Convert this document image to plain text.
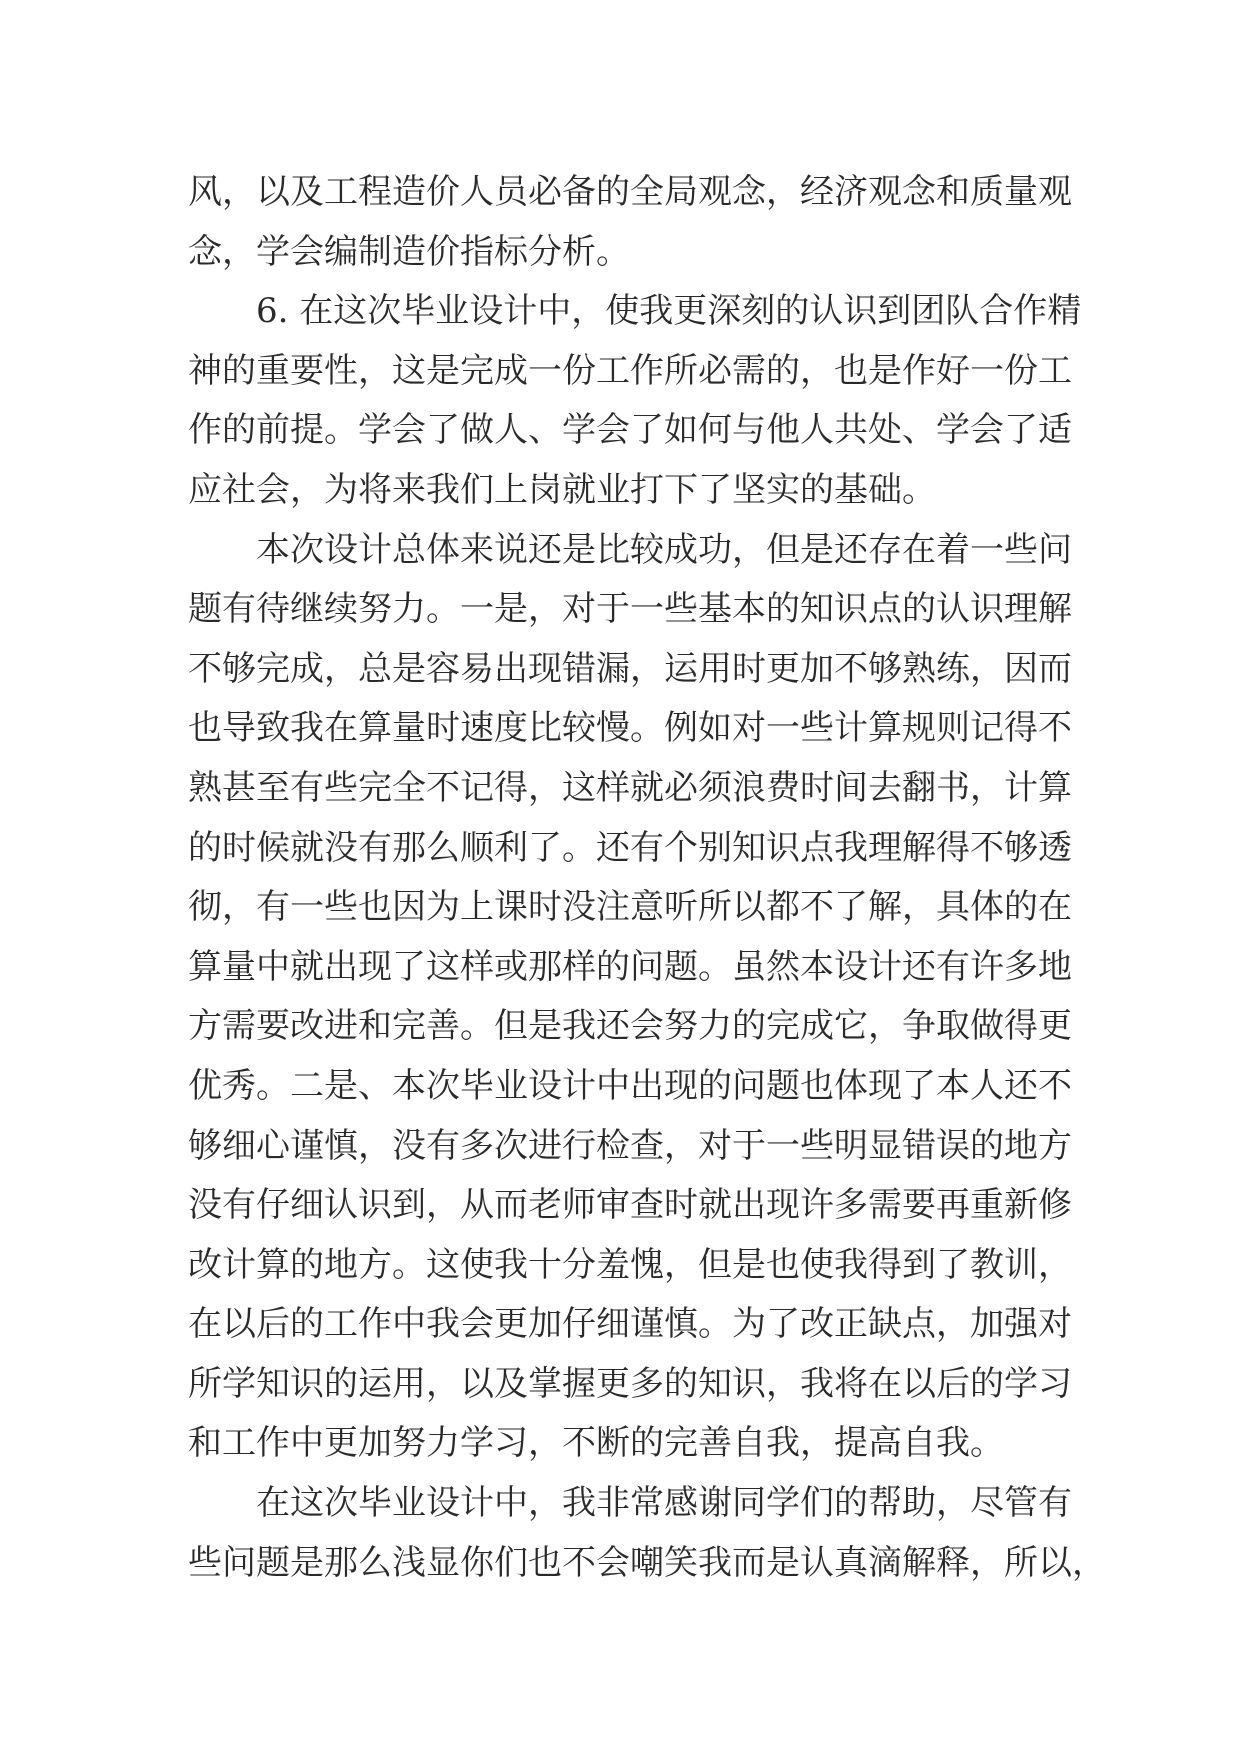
风，以及工程造价人员必备的全局观念，经济观念和质量观
念，学会编制造价指标分析。
6. 在这次毕业设计中，使我更深刻的认识到团队合作精
神的重要性，这是完成一份工作所必需的，也是作好一份工
作的前提。学会了做人、学会了如何与他人共处、学会了适
应社会，为将来我们上岗就业打下了坚实的基础。
本次设计总体来说还是比较成功，但是还存在着一些问
题有待继续努力。一是，对于一些基本的知识点的认识理解
不够完成，总是容易出现错漏，运用时更加不够熟练，因而
也导致我在算量时速度比较慢。例如对一些计算规则记得不
熟甚至有些完全不记得，这样就必须浪费时间去翻书，计算
的时候就没有那么顺利了。还有个别知识点我理解得不够透
彻，有一些也因为上课时没注意听所以都不了解，具体的在
算量中就出现了这样或那样的问题。虽然本设计还有许多地
方需要改进和完善。但是我还会努力的完成它，争取做得更
优秀。二是、本次毕业设计中出现的问题也体现了本人还不
够细心谨慎，没有多次进行检查，对于一些明显错误的地方
没有仔细认识到，从而老师审查时就出现许多需要再重新修
改计算的地方。这使我十分羞愧，但是也使我得到了教训，
在以后的工作中我会更加仔细谨慎。为了改正缺点，加强对
所学知识的运用，以及掌握更多的知识，我将在以后的学习
和工作中更加努力学习，不断的完善自我，提高自我。
在这次毕业设计中，我非常感谢同学们的帮助，尽管有
些问题是那么浅显你们也不会嘲笑我而是认真滴解释，所以，
